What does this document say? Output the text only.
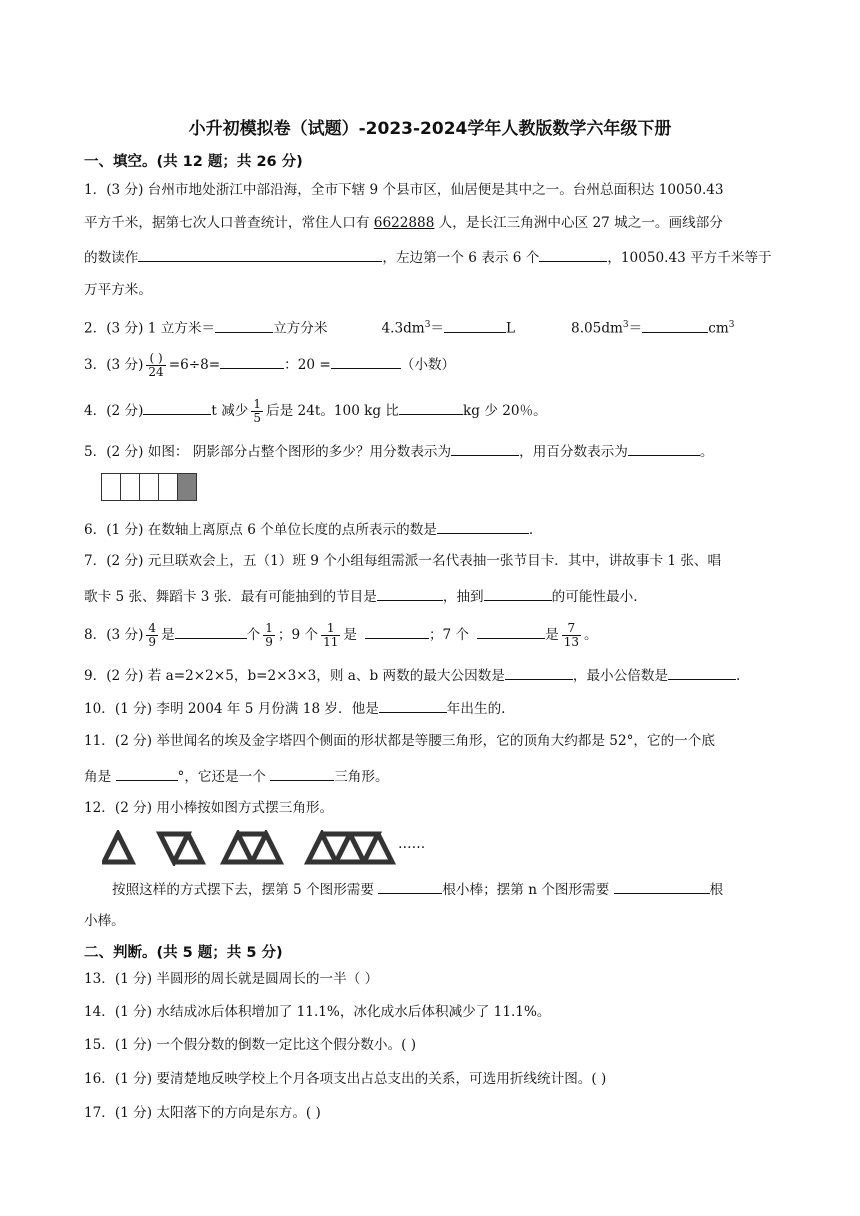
小升初模拟卷（试题）-2023-2024学年人教版数学六年级下册
一、填空。(共 12 题；共 26 分)
1．(3 分) 台州市地处浙江中部沿海，全市下辖 9 个县市区，仙居便是其中之一。台州总面积达 10050.43
平方千米，据第七次人口普查统计，常住人口有 6622888 人，是长江三角洲中心区 27 城之一。画线部分
的数读作	，左边第一个 6 表示 6 个	，10050.43 平方千米等于
万平方米。
2．(3 分) 1 立方米＝	立方分米	$4.3dm^3=$	L	$8.05dm^3=$	$cm^3$
3．(3 分) $\frac{( )}{24} =6\div 8=$	：20 =	（小数）
4．(2 分)	t 减少 $\frac{1}{5}$ 后是 24t。100 kg 比	kg 少 20％。
5．(2 分) 如图： 阴影部分占整个图形的多少？用分数表示为	，用百分数表示为	。
6．(1 分) 在数轴上离原点 6 个单位长度的点所表示的数是	.
7．(2 分) 元旦联欢会上，五（1）班 9 个小组每组需派一名代表抽一张节目卡．其中，讲故事卡 1 张、唱
歌卡 5 张、舞蹈卡 3 张．最有可能抽到的节目是	，抽到	的可能性最小.
8．(3 分) $\frac{4}{9}$ 是	个 $\frac{1}{9}$ ；9 个 $\frac{1}{11}$ 是	；7 个	是 $\frac{7}{13}$ 。
9．(2 分) 若 a=2×2×5，b=2×3×3，则 a、b 两数的最大公因数是	，最小公倍数是	.
10．(1 分) 李明 2004 年 5 月份满 18 岁．他是	年出生的.
11．(2 分) 举世闻名的埃及金字塔四个侧面的形状都是等腰三角形，它的顶角大约都是 52°，它的一个底
角是	°，它还是一个	三角形。
12．(2 分) 用小棒按如图方式摆三角形。
……
按照这样的方式摆下去，摆第 5 个图形需要	根小棒；摆第 n 个图形需要	根
小棒。
二、判断。(共 5 题；共 5 分)
13．(1 分) 半圆形的周长就是圆周长的一半（ ）
14．(1 分) 水结成冰后体积增加了 11.1%，冰化成水后体积减少了 11.1%。
15．(1 分) 一个假分数的倒数一定比这个假分数小。( )
16．(1 分) 要清楚地反映学校上个月各项支出占总支出的关系，可选用折线统计图。( )
17．(1 分) 太阳落下的方向是东方。( )
